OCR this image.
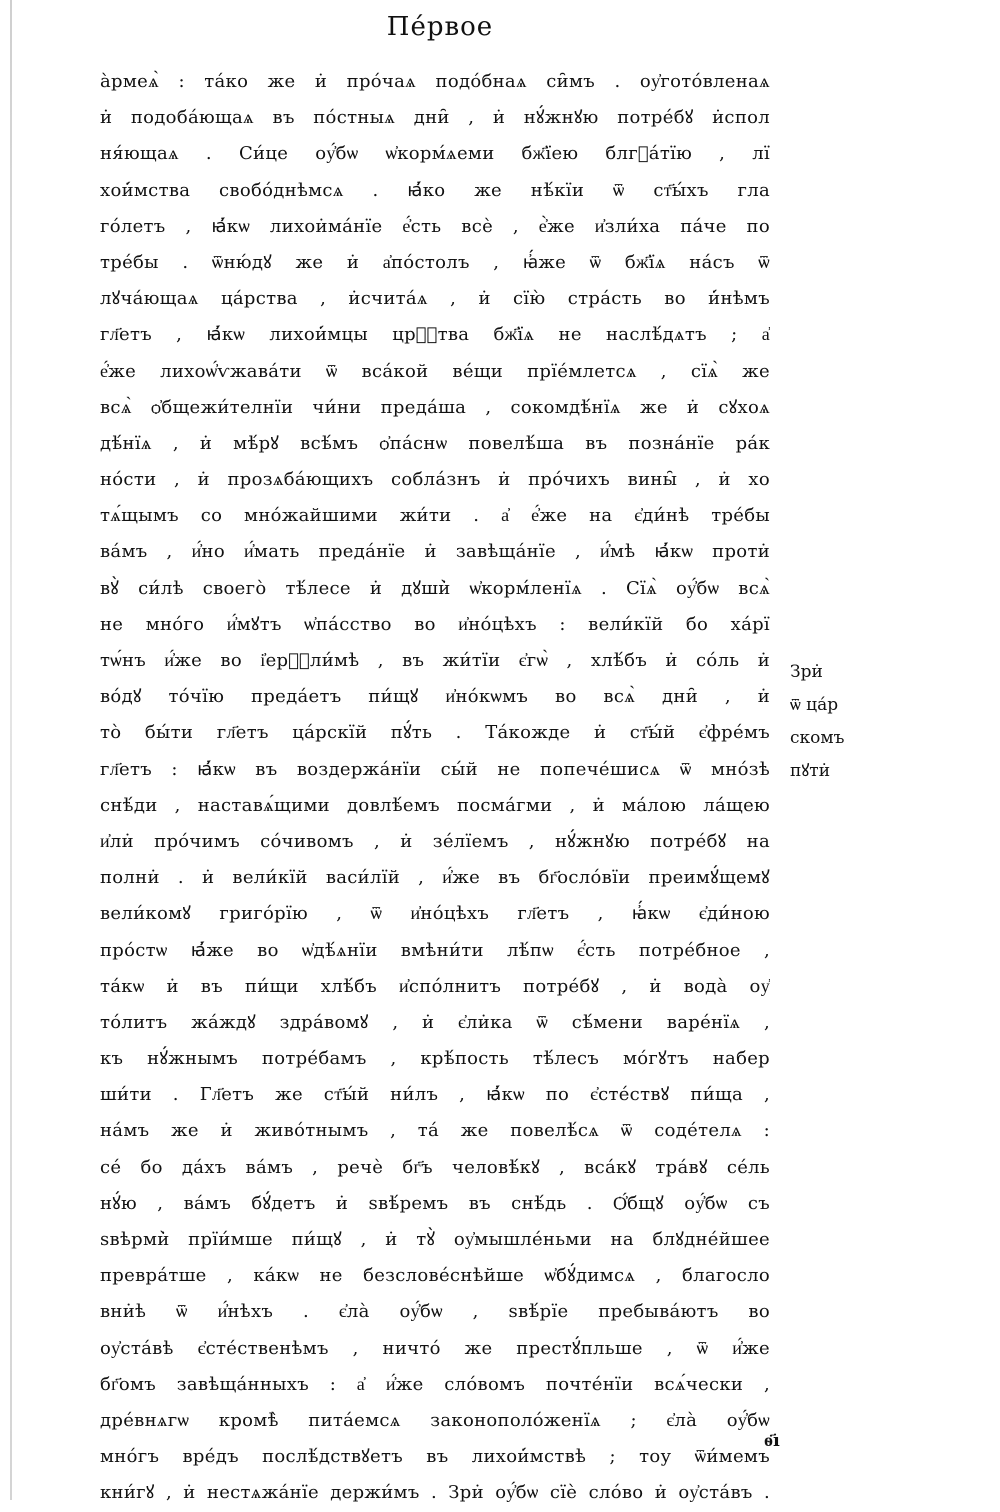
Пе́рвое
а̀рмеѧ̀ : та́ко же и̇ про́чаѧ подо́бнаѧ си̑мъ . оу҆гото́вленаѧ
и̇ подоба́ющаѧ въ по́стныѧ дни̑ , и̇ нꙋ́жнꙋю потре́бꙋ и̇спол
ня́ющаѧ . Си́це оу҆́бѡ ѡ҆корм́ѧеми бж҃їею блгⷣа́тїю , лї
хои̇́мства свобо́днѣмсѧ . ꙗ҆́ко же нѣ́кїи ѿ ст҃ы́хъ гла
го́летъ , ꙗ҆́кѡ лихои̇ма́нїе е҆́сть всѐ , е҆̀же и҆зли́ха па́че по
тре́бы . ѿню́дꙋ же и̇ а҆по́столъ , ꙗ҆́же ѿ бж҃їѧ на́съ ѿ
лꙋча́ющаѧ ца́рства , и̇счита́ѧ , и̇ сїю̀ стра́сть во и̇́нѣмъ
гл҃етъ , ꙗ҆́кѡ лихои̇́мцы црⷭ҇тва бж҃їѧ не наслѣ́дѧтъ ; а҆
е҆́же лихоѡ҆́ѵжава́ти ѿ вса́кой ве́щи прїе́млетсѧ , сїѧ̀ же
всѧ̀ ѻ҆бщежи́телнїи чи́ни преда́ша , сокомдѣ́нїѧ же и̇ сꙋхоѧ
дѣ́нїѧ , и̇ мѣ́рꙋ всѣ́мъ ѻ҆па́снѡ повелѣ́ша въ позна́нїе ра́к
но́сти , и̇ прозѧба́ющихъ собла́знъ и̇ про́чихъ вины̑ , и̇ хо
тѧ́щымъ со мно́жайшими жи́ти . а҆ е҆́же на є҆ди́нѣ тре́бы
ва́мъ , и҆́но и҆́мать преда́нїе и̇ завѣща́нїе , и҆́мѣ ꙗ҆́кѡ проти̇
вꙋ̀ си́лѣ своего̀ тѣ́лесе и̇ дꙋши̇̀ ѡ҆корм́ленїѧ . Сїѧ̀ оу҆́бѡ всѧ̀
не мно́го и҆́мꙋтъ ѡ҆па́сство во и҆но́цѣхъ : вели́кїй бо ха́рї
тѡ́нъ и҆́же во і҆ерⷭ҇ли́мѣ , въ жи́тїи є҆гѡ̀ , хлѣ́бъ и̇ со́ль и̇
во́дꙋ то́чїю преда́етъ пи́щꙋ и҆но́кѡмъ во всѧ̀ дни̑ , и̇
то̀ бы́ти гл҃етъ ца́рскїй пꙋ́ть . Та́кожде и̇ ст҃ы́й є҆фре́мъ
гл҃етъ : ꙗ҆́кѡ въ воздержа́нїи сы́й не попече́шисѧ ѿ мно́зѣ
снѣ́ди , наставѧ́щими довлѣ́емъ посма́гми , и̇ ма́лою ла́щею
и҆ли̇ про́чимъ со́чивомъ , и̇ зе́лїемъ , нꙋ́жнꙋю потре́бꙋ на
полни̇ . и̇ вели́кїй васи́лїй , и҆́же въ бг҃осло́вїи преимꙋ́щемꙋ
вели́комꙋ григо́рїю , ѿ и҆но́цѣхъ гл҃етъ , ꙗ҆́кѡ є҆ди́ною
про́стѡ ꙗ҆́же во ѡ҆дѣ́ѧнїи вмѣни́ти лѣ́пѡ є҆́сть потре́бное ,
та́кѡ и̇ въ пи́щи хлѣ́бъ и҆спо́лнитъ потре́бꙋ , и̇ вода̀ оу҆
то́литъ жа́ждꙋ здра́вомꙋ , и̇ є҆ли̇ка ѿ сѣ́мени варе́нїѧ ,
къ нꙋ́жнымъ потре́бамъ , крѣ́пость тѣ́лесъ мо́гꙋтъ набер
ши́ти . Гл҃етъ же ст҃ы́й ни́лъ , ꙗ҆́кѡ по є҆сте́ствꙋ пи́ща ,
на́мъ же и̇ живо́тнымъ , та́ же повелѣ́сѧ ѿ соде́телѧ :
се́ бо да́хъ ва́мъ , речѐ бг҃ъ человѣ́кꙋ , вса́кꙋ тра́вꙋ се́ль
нꙋ́ю , ва́мъ бꙋ́детъ и̇ ѕвѣ́ремъ въ снѣ́дь . Ѻ҆́бщꙋ оу҆́бѡ съ
ѕвѣрми̇̀ прїи́мше пи́щꙋ , и̇ тꙋ̀ оу҆мышле́ньми на блꙋдне́йшее
превра́тше , ка́кѡ не безслове́снѣйше ѡ҆бꙋ́димсѧ , благосло
вни̇ѣ ѿ и҆́нѣхъ . є҆ла̀ оу҆́бѡ , ѕвѣ́рїе пребыва́ютъ во
оу҆ста́вѣ є҆сте́ственѣмъ , ничто́ же престꙋ́пльше , ѿ и҆́же
бг҃омъ завѣща́нныхъ : а҆ и҆́же сло́вомъ почте́нїи всѧ́чески ,
дре́внѧгѡ кромѣ̀ пита́емсѧ законополо́женїѧ ; є҆ла̀ оу҆́бѡ
мно́гъ вре́дъ послѣ́дствꙋетъ въ лихои̇́мствѣ ; тоу ѿи́мемъ
кни́гꙋ , и̇ нестѧжа́нїе держи́мъ . Зри̇ оу҆́бѡ сїѐ сло́во и̇ оу҆ста́въ .
Зри̇
ѿ ца́р
скомъ
пꙋти̇
ѳ҃ı
